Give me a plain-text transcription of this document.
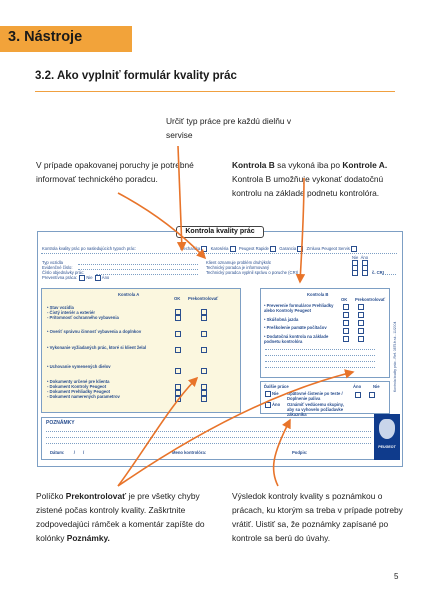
3. Nástroje
3.2. Ako vyplniť formulár kvality prác
Určiť typ práce pre každú dielňu v servise
V prípade opakovanej poruchy je potrebné informovať technického poradcu.
Kontrola B sa vykoná iba po Kontrole A. Kontrola B umožňuje vykonať dodatočnú kontrolu na základe podnetu kontrolóra.
Kontrola kvality prác
Kontrola kvality prác po nasledujúcich typoch prác:	Mechanika Karoséria Peugeot Rapide Garancia Zmluva Peugeot Servis
Typ vozidla
Evidenčné číslo:
Číslo objednávky prác:
Preventívna práca: Nie Áno
Nie Áno
Klient oznamuje problém druhýkrát
Technický poradca je informovaný
Technický poradca vyplnil správu o poruche (CRI)

	č. CRI
Kontrola A
OK Prekontrolovať
• Stav vozidla
- Čistý interiér a exteriér
- Prítomnosť ochranného vybavenia
• Overiť správnu činnosť vybavenia a doplnkov
• Vykonanie vyžiadaných prác, ktoré si klient želal
• Uchovanie vymenených dielov
• Dokumenty určené pre klienta
- Dokument Kontroly Peugeot
- Dokument Prehliadky Peugeot
- Dokument namerených parametrov

Kontrola B
OK Prekontrolovať
• Preverenie formulárov Prehliadky alebo Kontroly Peugeot
• Skúšobná jazda
• Preškolenie pamäte počítačov
• Dodatočná kontrola na základe podnetu kontrolóra

Ďalšie práce	Áno	Nie
Nie Opätovné čistenie po teste / Doplnenie paliva
Áno Oznámiť vedúcemu skupiny, aby sa vyhovelo požiadavke zákazníka

POZNÁMKY
Dátum:        /       /	Meno kontrolóra:	Podpis:
Kontrola kvality prác - Ref. 0875.fr.sk - 11/2004
PEUGEOT
Políčko Prekontrolovať je pre všetky chyby zistené počas kontroly kvality. Zaškrtnite zodpovedajúci rámček a komentár zapíšte do kolónky Poznámky.
Výsledok kontroly kvality s poznámkou o prácach, ku ktorým sa treba v prípade potreby vrátiť. Uistiť sa, že poznámky zapísané po kontrole sa berú do úvahy.
5
